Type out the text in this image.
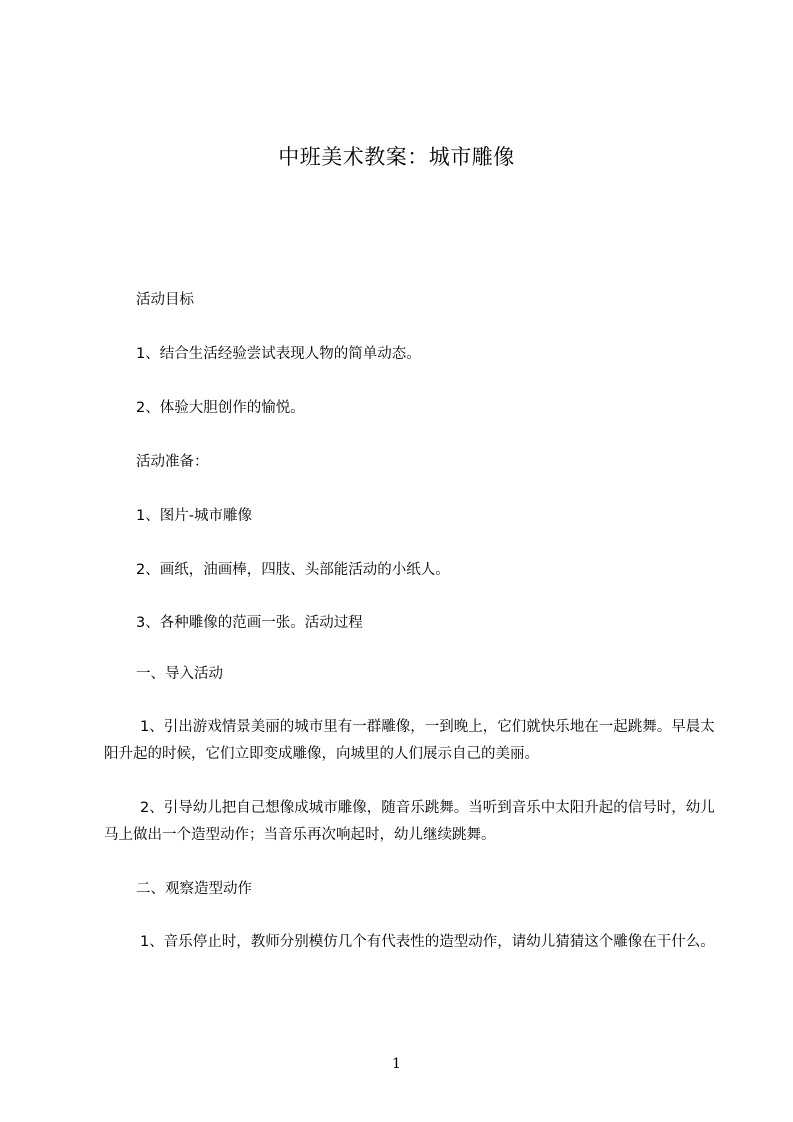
中班美术教案：城市雕像
活动目标
1、结合生活经验尝试表现人物的简单动态。
2、体验大胆创作的愉悦。
活动准备：
1、图片-城市雕像
2、画纸，油画棒，四肢、头部能活动的小纸人。
3、各种雕像的范画一张。活动过程
一、导入活动
1、引出游戏情景美丽的城市里有一群雕像，一到晚上，它们就快乐地在一起跳舞。早晨太阳升起的时候，它们立即变成雕像，向城里的人们展示自己的美丽。
2、引导幼儿把自己想像成城市雕像，随音乐跳舞。当听到音乐中太阳升起的信号时，幼儿马上做出一个造型动作；当音乐再次响起时，幼儿继续跳舞。
二、观察造型动作
1、音乐停止时，教师分别模仿几个有代表性的造型动作，请幼儿猜猜这个雕像在干什么。
1
